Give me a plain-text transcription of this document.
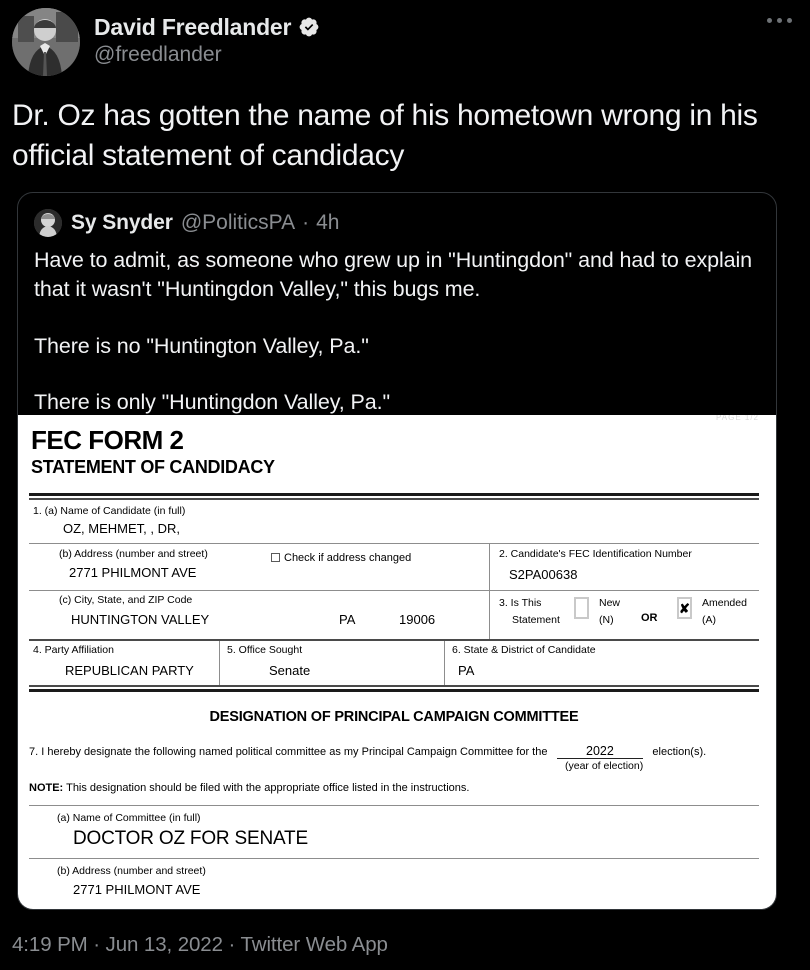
David Freedlander
@freedlander
Dr. Oz has gotten the name of his hometown wrong in his official statement of candidacy
Sy Snyder @PoliticsPA · 4h

Have to admit, as someone who grew up in "Huntingdon" and had to explain that it wasn't "Huntingdon Valley," this bugs me.

There is no "Huntington Valley, Pa."

There is only "Huntingdon Valley, Pa."

PAGE 1/2
FEC FORM 2
STATEMENT OF CANDIDACY
1. (a) Name of Candidate (in full)
OZ, MEHMET, , DR,
(b) Address (number and street)
2771 PHILMONT AVE
Check if address changed	2. Candidate's FEC Identification Number
S2PA00638
(c) City, State, and ZIP Code
HUNTINGTON VALLEY	PA	19006
3. Is This
Statement
New
(N)	OR
✘ Amended
(A)
4. Party Affiliation
REPUBLICAN PARTY
5. Office Sought
Senate
6. State & District of Candidate
PA
DESIGNATION OF PRINCIPAL CAMPAIGN COMMITTEE
7. I hereby designate the following named political committee as my Principal Campaign Committee for the	2022	election(s).
(year of election)
NOTE: This designation should be filed with the appropriate office listed in the instructions.
(a) Name of Committee (in full)
DOCTOR OZ FOR SENATE
(b) Address (number and street)
2771 PHILMONT AVE
4:19 PM · Jun 13, 2022 · Twitter Web App
